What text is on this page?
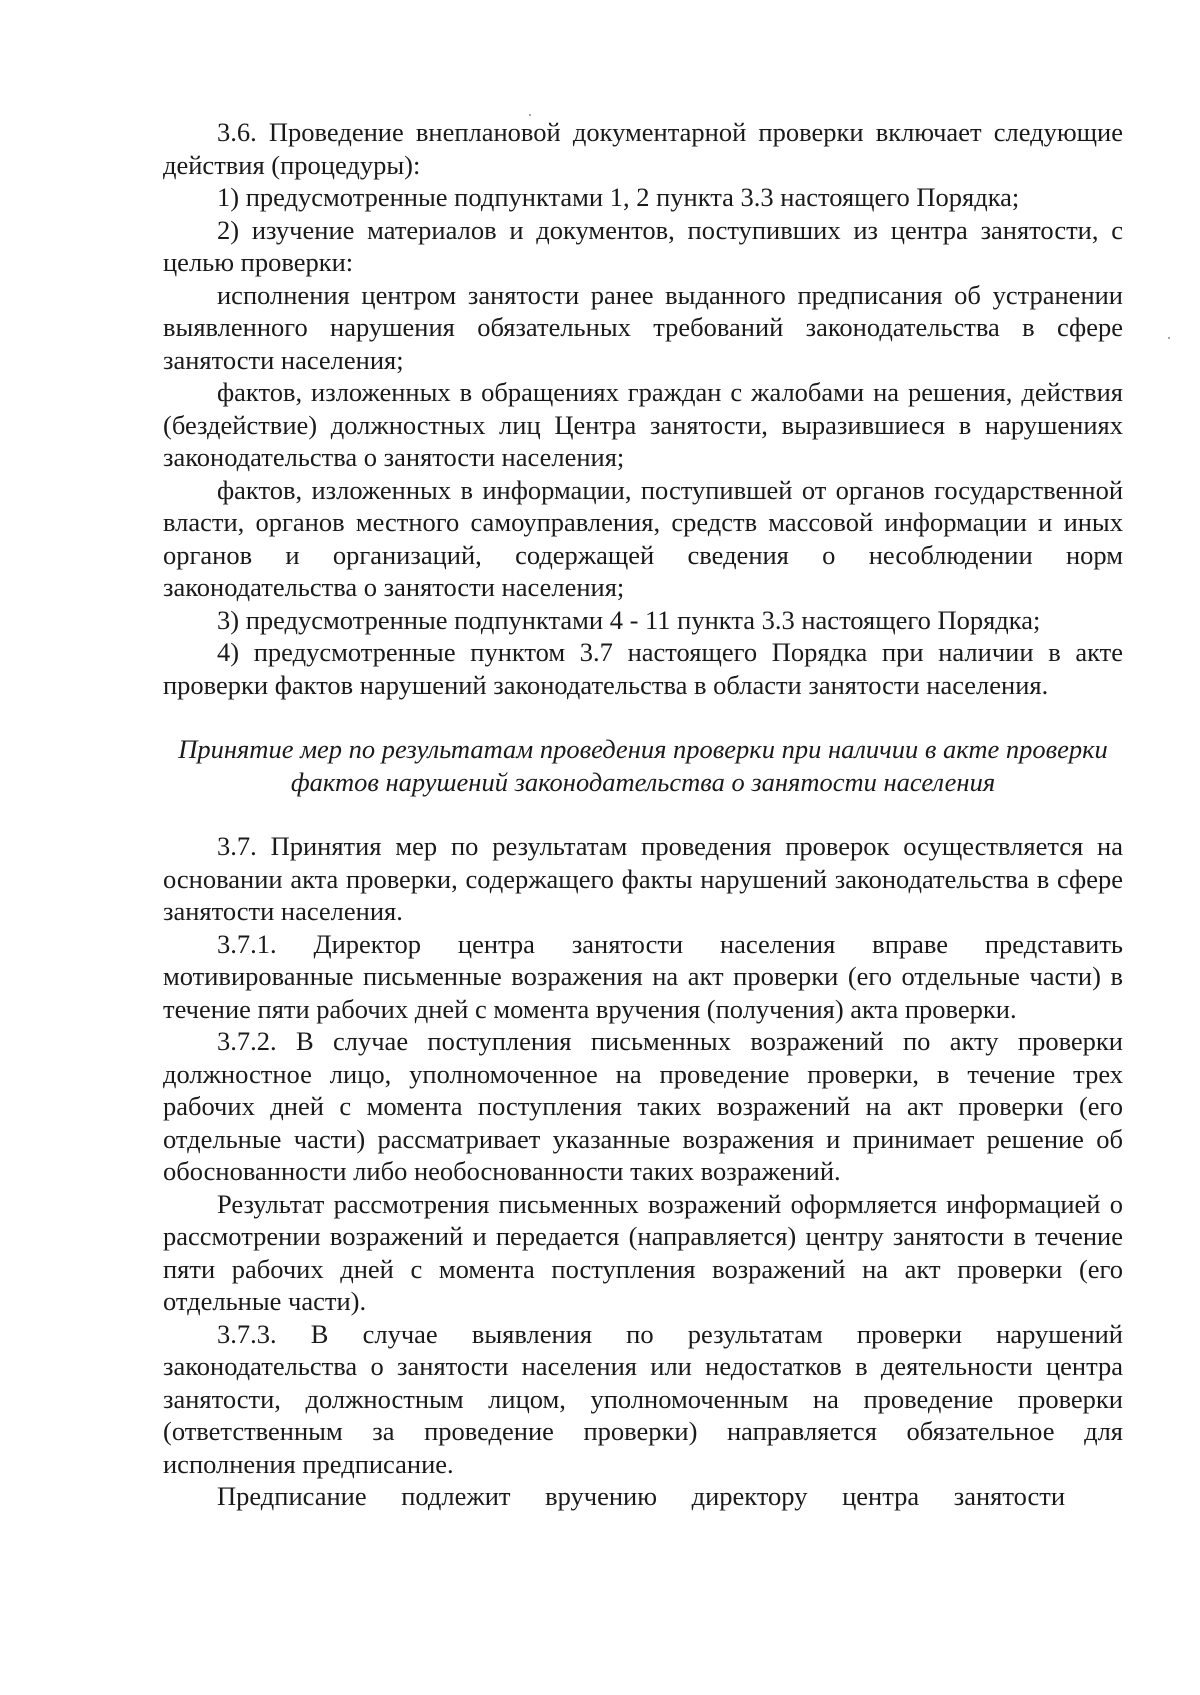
3.6. Проведение внеплановой документарной проверки включает следующие действия (процедуры):

1) предусмотренные подпунктами 1, 2 пункта 3.3 настоящего Порядка;

2) изучение материалов и документов, поступивших из центра занятости, с целью проверки:

исполнения центром занятости ранее выданного предписания об устранении выявленного нарушения обязательных требований законодательства в сфере занятости населения;

фактов, изложенных в обращениях граждан с жалобами на решения, действия (бездействие) должностных лиц Центра занятости, выразившиеся в нарушениях законодательства о занятости населения;

фактов, изложенных в информации, поступившей от органов государственной власти, органов местного самоуправления, средств массовой информации и иных органов и организаций, содержащей сведения о несоблюдении норм законодательства о занятости населения;

3) предусмотренные подпунктами 4 - 11 пункта 3.3 настоящего Порядка;

4) предусмотренные пунктом 3.7 настоящего Порядка при наличии в акте проверки фактов нарушений законодательства в области занятости населения.

Принятие мер по результатам проведения проверки при наличии в акте проверки фактов нарушений законодательства о занятости населения

3.7. Принятия мер по результатам проведения проверок осуществляется на основании акта проверки, содержащего факты нарушений законодательства в сфере занятости населения.

3.7.1. Директор центра занятости населения вправе представить мотивированные письменные возражения на акт проверки (его отдельные части) в течение пяти рабочих дней с момента вручения (получения) акта проверки.

3.7.2. В случае поступления письменных возражений по акту проверки должностное лицо, уполномоченное на проведение проверки, в течение трех рабочих дней с момента поступления таких возражений на акт проверки (его отдельные части) рассматривает указанные возражения и принимает решение об обоснованности либо необоснованности таких возражений.

Результат рассмотрения письменных возражений оформляется информацией о рассмотрении возражений и передается (направляется) центру занятости в течение пяти рабочих дней с момента поступления возражений на акт проверки (его отдельные части).

3.7.3. В случае выявления по результатам проверки нарушений законодательства о занятости населения или недостатков в деятельности центра занятости, должностным лицом, уполномоченным на проведение проверки (ответственным за проведение проверки) направляется обязательное для исполнения предписание.

Предписание подлежит вручению директору центра занятости
